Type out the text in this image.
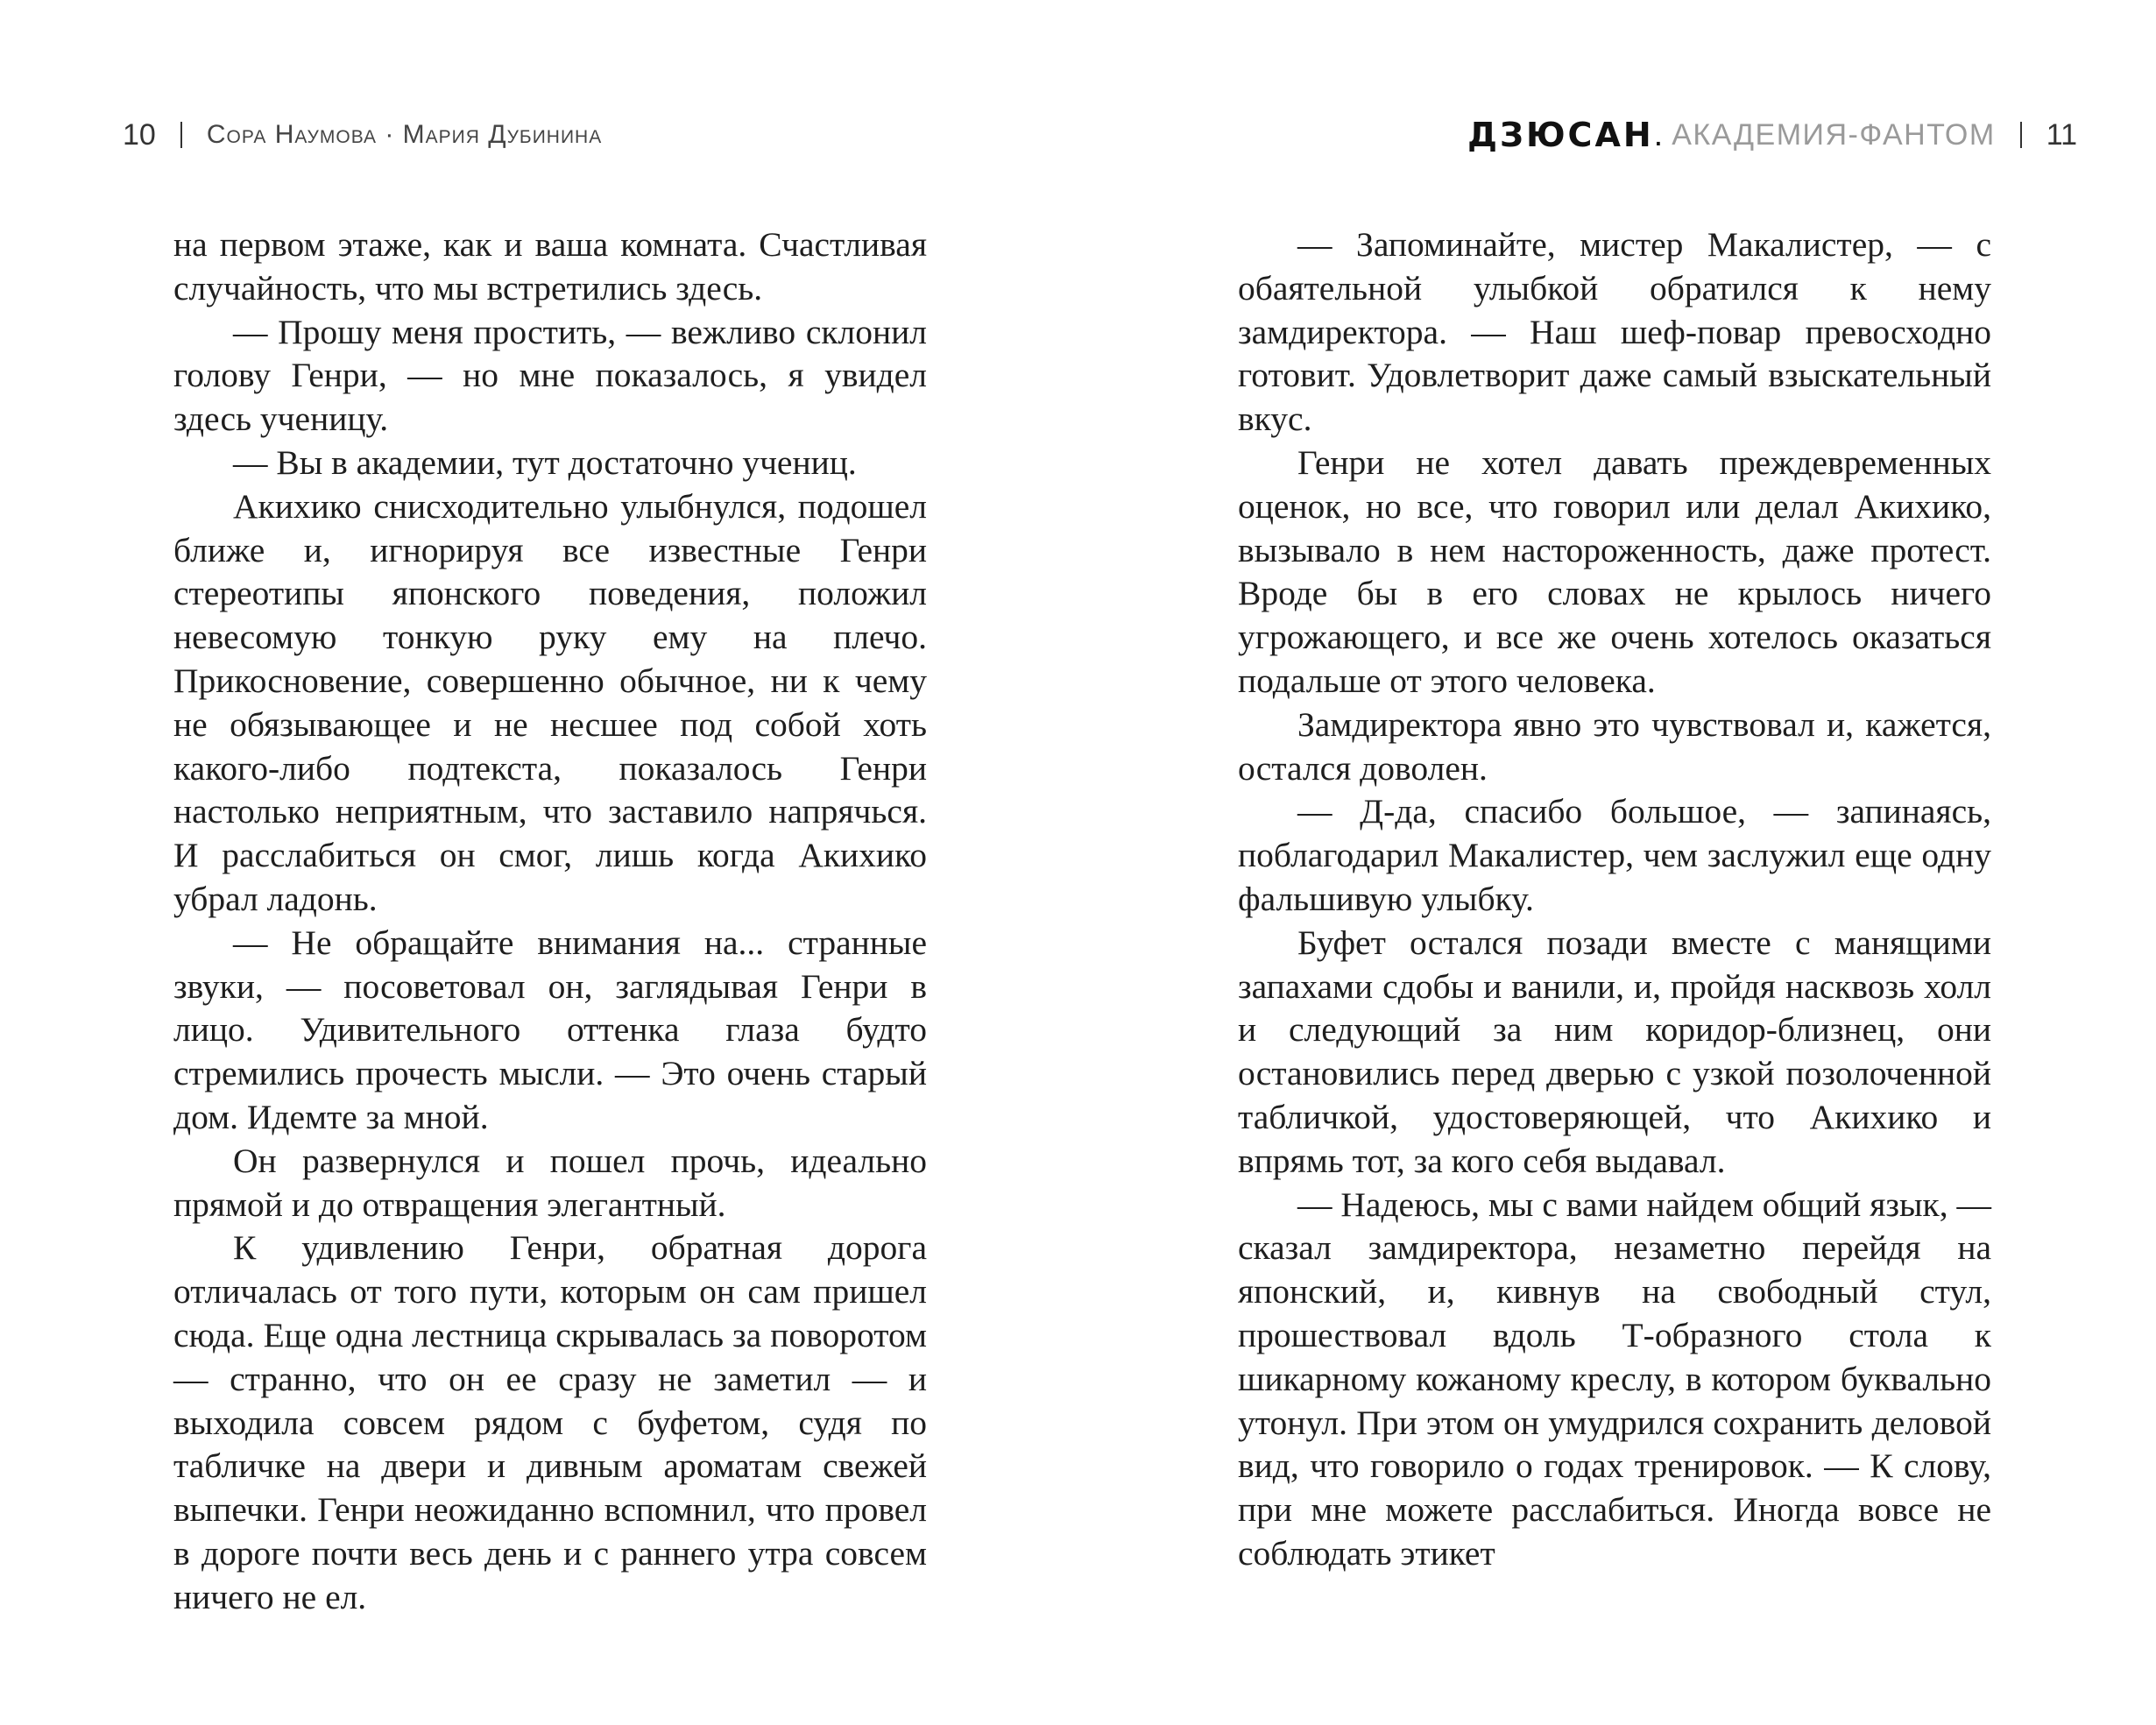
10 Сора Наумова · Мария Дубинина

на первом этаже, как и ваша комната. Счастливая случайность, что мы встретились здесь.

— Прошу меня простить, — вежливо склонил голову Генри, — но мне показалось, я увидел здесь ученицу.

— Вы в академии, тут достаточно учениц.

Акихико снисходительно улыбнулся, подошел ближе и, игнорируя все известные Генри стереотипы японского поведения, положил невесомую тонкую руку ему на плечо. Прикосновение, совершенно обычное, ни к чему не обязывающее и не несшее под собой хоть какого-либо подтекста, показалось Генри настолько неприятным, что заставило напрячься. И расслабиться он смог, лишь когда Акихико убрал ладонь.

— Не обращайте внимания на... странные звуки, — посоветовал он, заглядывая Генри в лицо. Удивительного оттенка глаза будто стремились прочесть мысли. — Это очень старый дом. Идемте за мной.

Он развернулся и пошел прочь, идеально прямой и до отвращения элегантный.

К удивлению Генри, обратная дорога отличалась от того пути, которым он сам пришел сюда. Еще одна лестница скрывалась за поворотом — странно, что он ее сразу не заметил — и выходила совсем рядом с буфетом, судя по табличке на двери и дивным ароматам свежей выпечки. Генри неожиданно вспомнил, что провел в дороге почти весь день и с раннего утра совсем ничего не ел.

ДЗЮСАН . АКАДЕМИЯ-ФАНТОМ 11

— Запоминайте, мистер Макалистер, — с обаятельной улыбкой обратился к нему замдиректора. — Наш шеф-повар превосходно готовит. Удовлетворит даже самый взыскательный вкус.

Генри не хотел давать преждевременных оценок, но все, что говорил или делал Акихико, вызывало в нем настороженность, даже протест. Вроде бы в его словах не крылось ничего угрожающего, и все же очень хотелось оказаться подальше от этого человека.

Замдиректора явно это чувствовал и, кажется, остался доволен.

— Д-да, спасибо большое, — запинаясь, поблагодарил Макалистер, чем заслужил еще одну фальшивую улыбку.

Буфет остался позади вместе с манящими запахами сдобы и ванили, и, пройдя насквозь холл и следующий за ним коридор-близнец, они остановились перед дверью с узкой позолоченной табличкой, удостоверяющей, что Акихико и впрямь тот, за кого себя выдавал.

— Надеюсь, мы с вами найдем общий язык, — сказал замдиректора, незаметно перейдя на японский, и, кивнув на свободный стул, прошествовал вдоль Т-образного стола к шикарному кожаному креслу, в котором буквально утонул. При этом он умудрился сохранить деловой вид, что говорило о годах тренировок. — К слову, при мне можете расслабиться. Иногда вовсе не соблюдать этикет
